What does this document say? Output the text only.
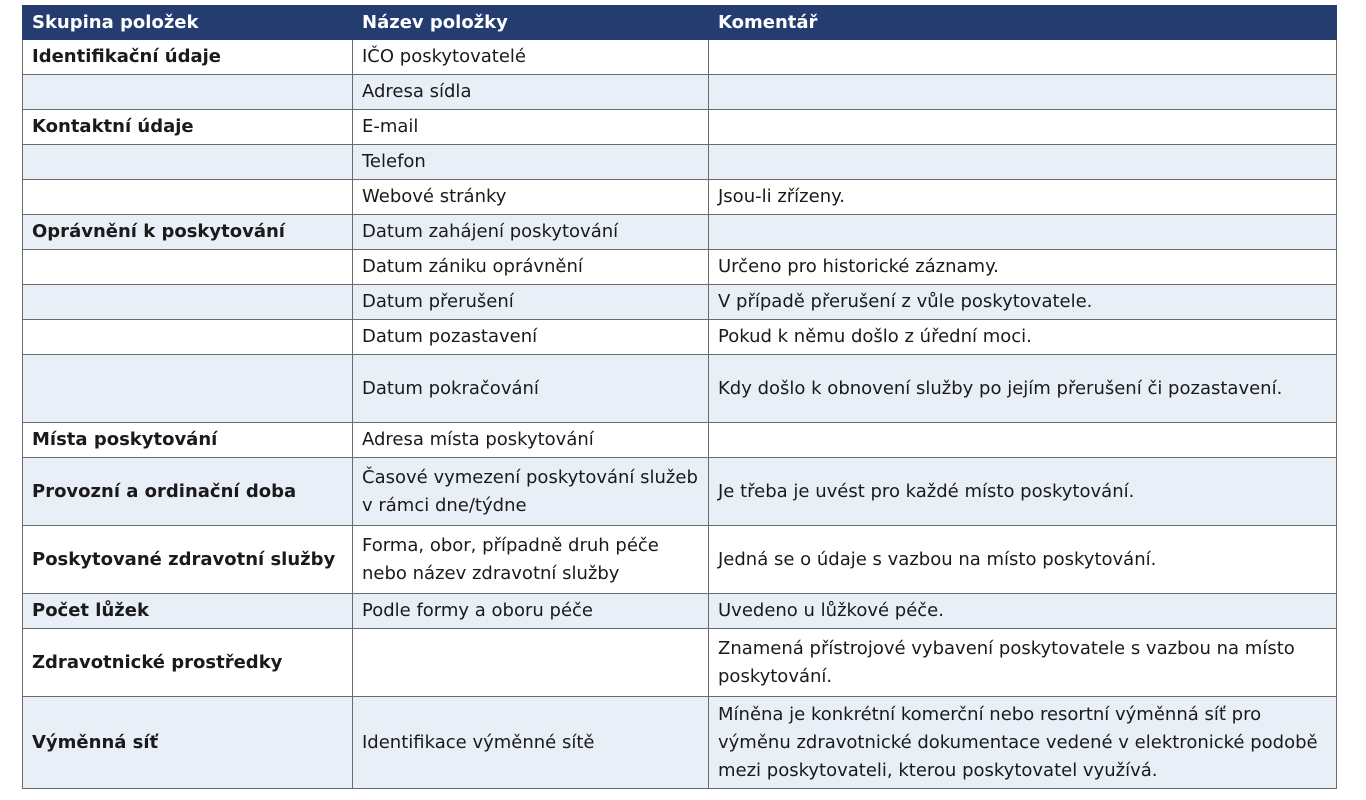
Skupina položek	Název položky	Komentář
Identifikační údaje	IČO poskytovatelé	
	Adresa sídla	
Kontaktní údaje	E-mail	
	Telefon	
	Webové stránky	Jsou-li zřízeny.
Oprávnění k poskytování	Datum zahájení poskytování	
	Datum zániku oprávnění	Určeno pro historické záznamy.
	Datum přerušení	V případě přerušení z vůle poskytovatele.
	Datum pozastavení	Pokud k němu došlo z úřední moci.
	Datum pokračování	Kdy došlo k obnovení služby po jejím přerušení či pozastavení.
Místa poskytování	Adresa místa poskytování	
Provozní a ordinační doba	Časové vymezení poskytování služeb v rámci dne/týdne	Je třeba je uvést pro každé místo poskytování.
Poskytované zdravotní služby	Forma, obor, případně druh péče nebo název zdravotní služby	Jedná se o údaje s vazbou na místo poskytování.
Počet lůžek	Podle formy a oboru péče	Uvedeno u lůžkové péče.
Zdravotnické prostředky		Znamená přístrojové vybavení poskytovatele s vazbou na místo poskytování.
Výměnná síť	Identifikace výměnné sítě	Míněna je konkrétní komerční nebo resortní výměnná síť pro výměnu zdravotnické dokumentace vedené v elektronické podobě mezi poskytovateli, kterou poskytovatel využívá.
